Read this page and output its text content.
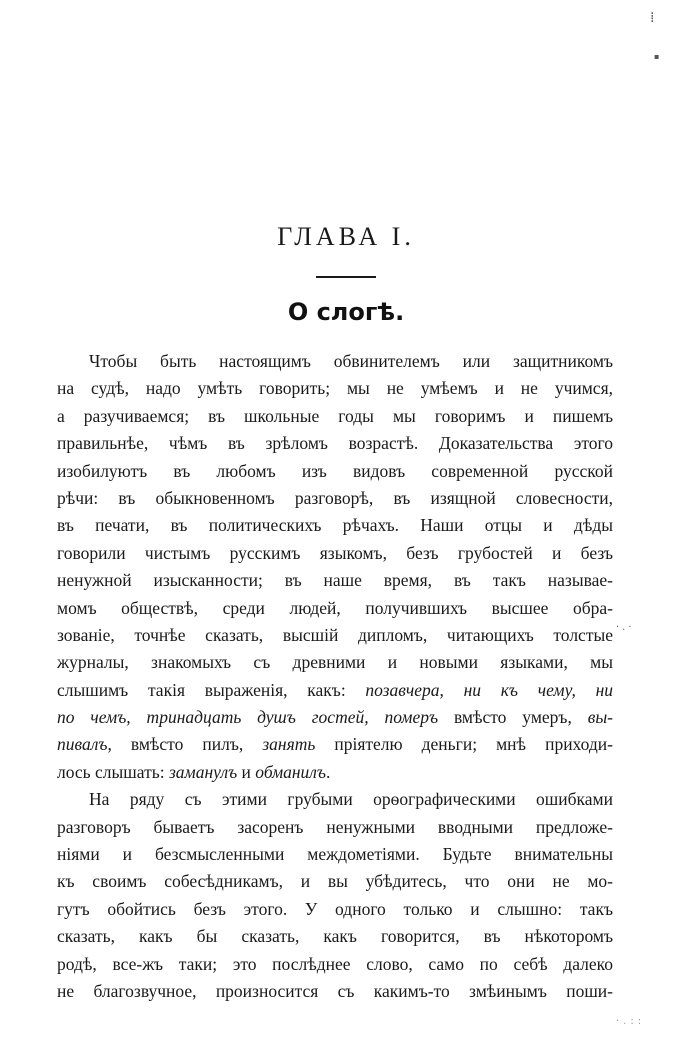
ГЛАВА I.
О слогѣ.
Чтобы быть настоящимъ обвинителемъ или защитникомъ
на судѣ, надо умѣть говорить; мы не умѣемъ и не учимся,
а разучиваемся; въ школьные годы мы говоримъ и пишемъ
правильнѣе, чѣмъ въ зрѣломъ возрастѣ. Доказательства этого
изобилуютъ въ любомъ изъ видовъ современной русской
рѣчи: въ обыкновенномъ разговорѣ, въ изящной словесности,
въ печати, въ политическихъ рѣчахъ. Наши отцы и дѣды
говорили чистымъ русскимъ языкомъ, безъ грубостей и безъ
ненужной изысканности; въ наше время, въ такъ называе-
момъ обществѣ, среди людей, получившихъ высшее обра-
зованіе, точнѣе сказать, высшій дипломъ, читающихъ толстые
журналы, знакомыхъ съ древними и новыми языками, мы
слышимъ такія выраженія, какъ: позавчера, ни къ чему, ни
по чемъ, тринадцать душъ гостей, померъ вмѣсто умеръ, вы-
пивалъ, вмѣсто пилъ, занять пріятелю деньги; мнѣ приходи-
лось слышать: заманулъ и обманилъ.
На ряду съ этими грубыми орѳографическими ошибками
разговоръ бываетъ засоренъ ненужными вводными предложе-
ніями и безсмысленными междометіями. Будьте внимательны
къ своимъ собесѣдникамъ, и вы убѣдитесь, что они не мо-
гутъ обойтись безъ этого. У одного только и слышно: такъ
сказать, какъ бы сказать, какъ говорится, въ нѣкоторомъ
родѣ, все-жъ таки; это послѣднее слово, само по себѣ далеко
не благозвучное, произносится съ какимъ-то змѣинымъ поши-
⁞
▪
·.·
·.::
